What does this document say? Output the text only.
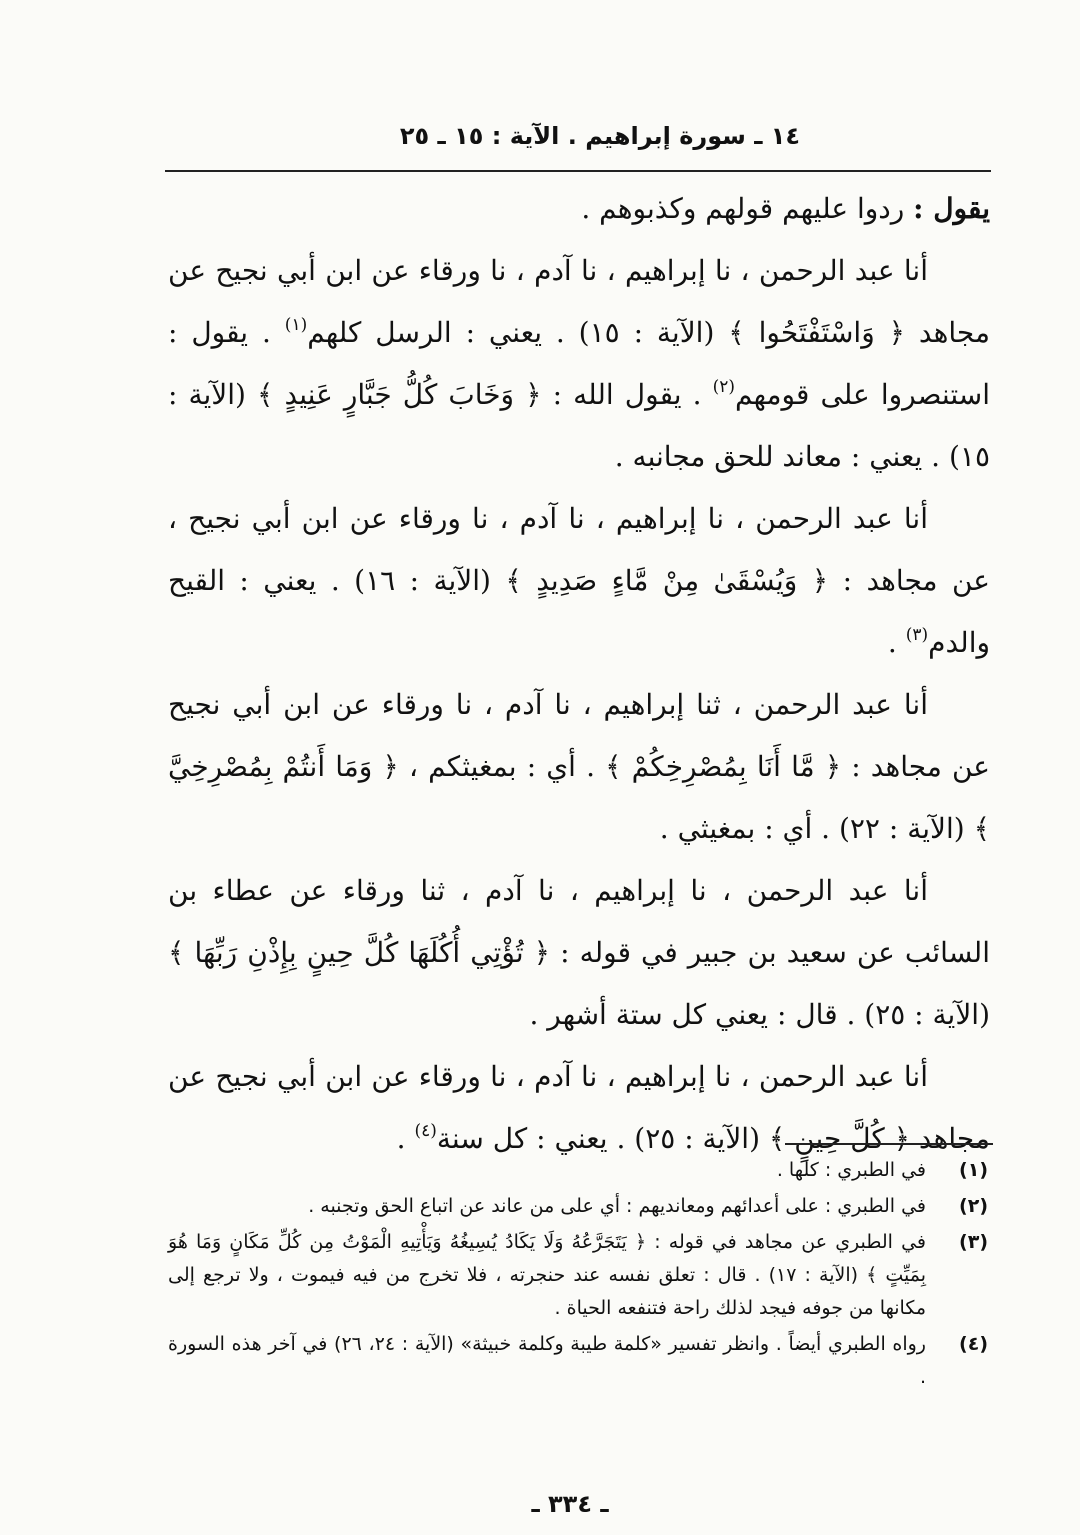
١٤ ـ سورة إبراهيم . الآية : ١٥ ـ ٢٥

يقول : ردوا عليهم قولهم وكذبوهم .

أنا عبد الرحمن ، نا إبراهيم ، نا آدم ، نا ورقاء عن ابن أبي نجيح عن مجاهد ﴿ وَاسْتَفْتَحُوا ﴾ (الآية : ١٥) . يعني : الرسل كلهم$^{(١)}$ . يقول : استنصروا على قومهم$^{(٢)}$ . يقول الله : ﴿ وَخَابَ كُلُّ جَبَّارٍ عَنِيدٍ ﴾ (الآية : ١٥) . يعني : معاند للحق مجانبه .

أنا عبد الرحمن ، نا إبراهيم ، نا آدم ، نا ورقاء عن ابن أبي نجيح ، عن مجاهد : ﴿ وَيُسْقَىٰ مِنْ مَّاءٍ صَدِيدٍ ﴾ (الآية : ١٦) . يعني : القيح والدم$^{(٣)}$ .

أنا عبد الرحمن ، ثنا إبراهيم ، نا آدم ، نا ورقاء عن ابن أبي نجيح عن مجاهد : ﴿ مَّا أَنَا بِمُصْرِخِكُمْ ﴾ . أي : بمغيثكم ، ﴿ وَمَا أَنتُمْ بِمُصْرِخِيَّ ﴾ (الآية : ٢٢) . أي : بمغيثي .

أنا عبد الرحمن ، نا إبراهيم ، نا آدم ، ثنا ورقاء عن عطاء بن السائب عن سعيد بن جبير في قوله : ﴿ تُؤْتِي أُكُلَهَا كُلَّ حِينٍ بِإِذْنِ رَبِّهَا ﴾ (الآية : ٢٥) . قال : يعني كل ستة أشهر .

أنا عبد الرحمن ، نا إبراهيم ، نا آدم ، نا ورقاء عن ابن أبي نجيح عن مجاهد ﴿ كُلَّ حِينٍ ﴾ (الآية : ٢٥) . يعني : كل سنة$^{(٤)}$ .

(١)
في الطبري : كلها .
(٢)
في الطبري : على أعدائهم ومعانديهم : أي على من عاند عن اتباع الحق وتجنبه .
(٣)
في الطبري عن مجاهد في قوله : ﴿ يَتَجَرَّعُهُ وَلَا يَكَادُ يُسِيغُهُ وَيَأْتِيهِ الْمَوْتُ مِن كُلِّ مَكَانٍ وَمَا هُوَ بِمَيِّتٍ ﴾ (الآية : ١٧) . قال : تعلق نفسه عند حنجرته ، فلا تخرج من فيه فيموت ، ولا ترجع إلى مكانها من جوفه فيجد لذلك راحة فتنفعه الحياة .
(٤)
رواه الطبري أيضاً . وانظر تفسير «كلمة طيبة وكلمة خبيثة» (الآية : ٢٤، ٢٦) في آخر هذه السورة .
ـ ٣٣٤ ـ
